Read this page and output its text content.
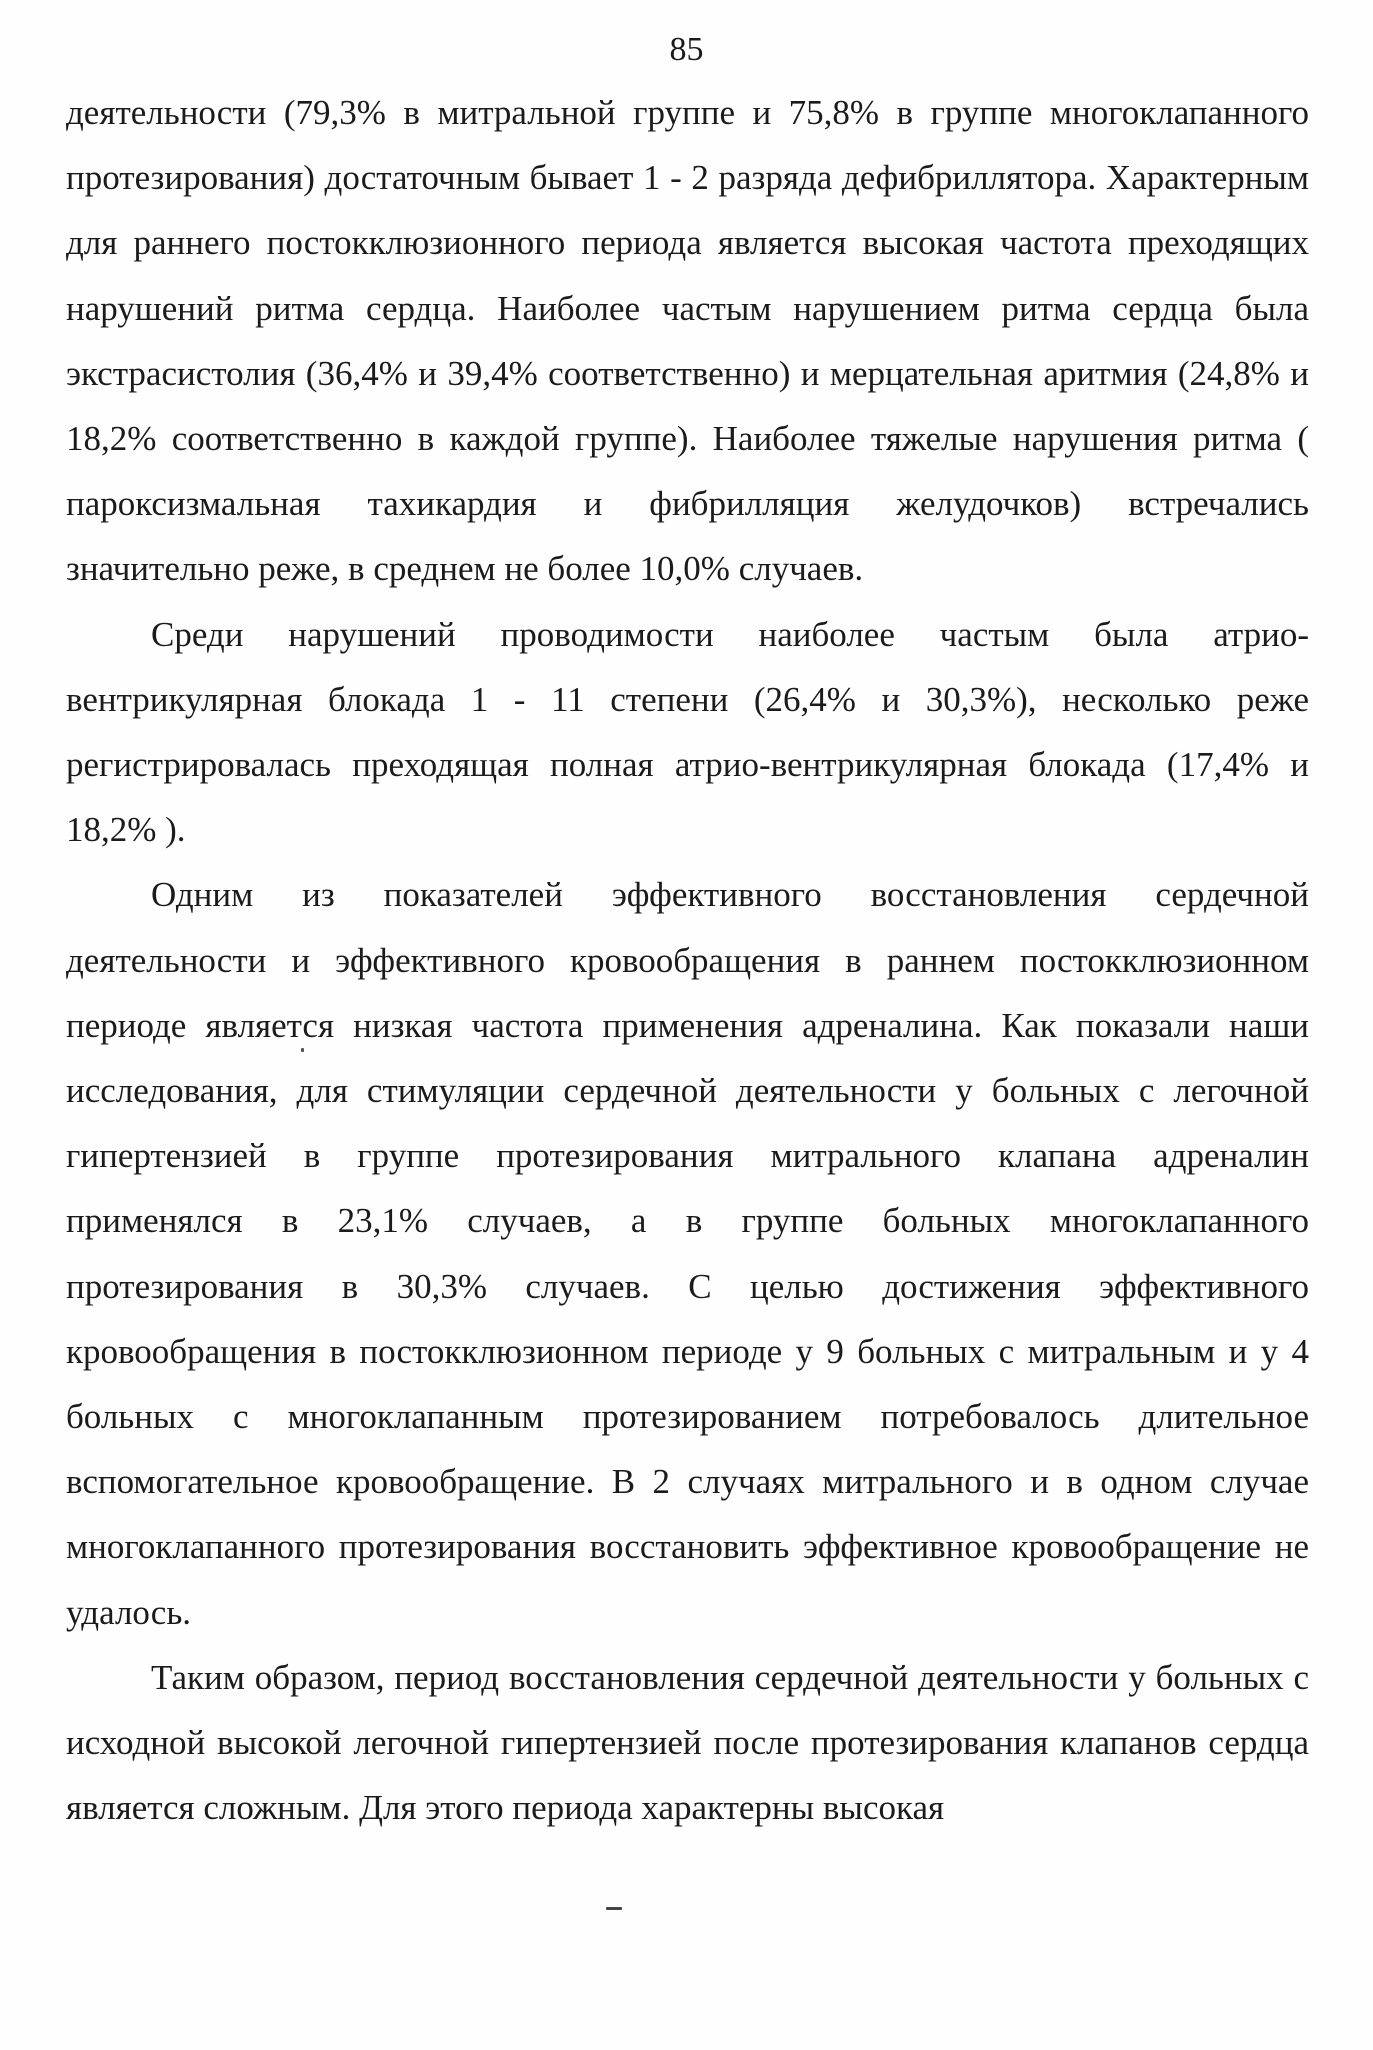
85

деятельности (79,3% в митральной группе и 75,8% в группе многоклапанного протезирования) достаточным бывает 1 - 2 разряда дефибриллятора. Характерным для раннего постокклюзионного периода является высокая частота преходящих нарушений ритма сердца. Наиболее частым нарушением ритма сердца была экстрасистолия (36,4% и 39,4% соответственно) и мерцательная аритмия (24,8% и 18,2% соответственно в каждой группе). Наиболее тяжелые нарушения ритма ( пароксизмальная тахикардия и фибрилляция желудочков) встречались значительно реже, в среднем не более 10,0% случаев.

Среди нарушений проводимости наиболее частым была атрио-вентрикулярная блокада 1 - 11 степени (26,4% и 30,3%), несколько реже регистрировалась преходящая полная атрио-вентрикулярная блокада (17,4% и 18,2% ).

Одним из показателей эффективного восстановления сердечной деятельности и эффективного кровообращения в раннем постокклюзионном периоде является низкая частота применения адреналина. Как показали наши исследования, для стимуляции сердечной деятельности у больных с легочной гипертензией в группе протезирования митрального клапана адреналин применялся в 23,1% случаев, а в группе больных многоклапанного протезирования в 30,3% случаев. С целью достижения эффективного кровообращения в постокклюзионном периоде у 9 больных с митральным и у 4 больных с многоклапанным протезированием потребовалось длительное вспомогательное кровообращение. В 2 случаях митрального и в одном случае многоклапанного протезирования восстановить эффективное кровообращение не удалось.

Таким образом, период восстановления сердечной деятельности у больных с исходной высокой легочной гипертензией после протезирования клапанов сердца является сложным. Для этого периода характерны высокая
